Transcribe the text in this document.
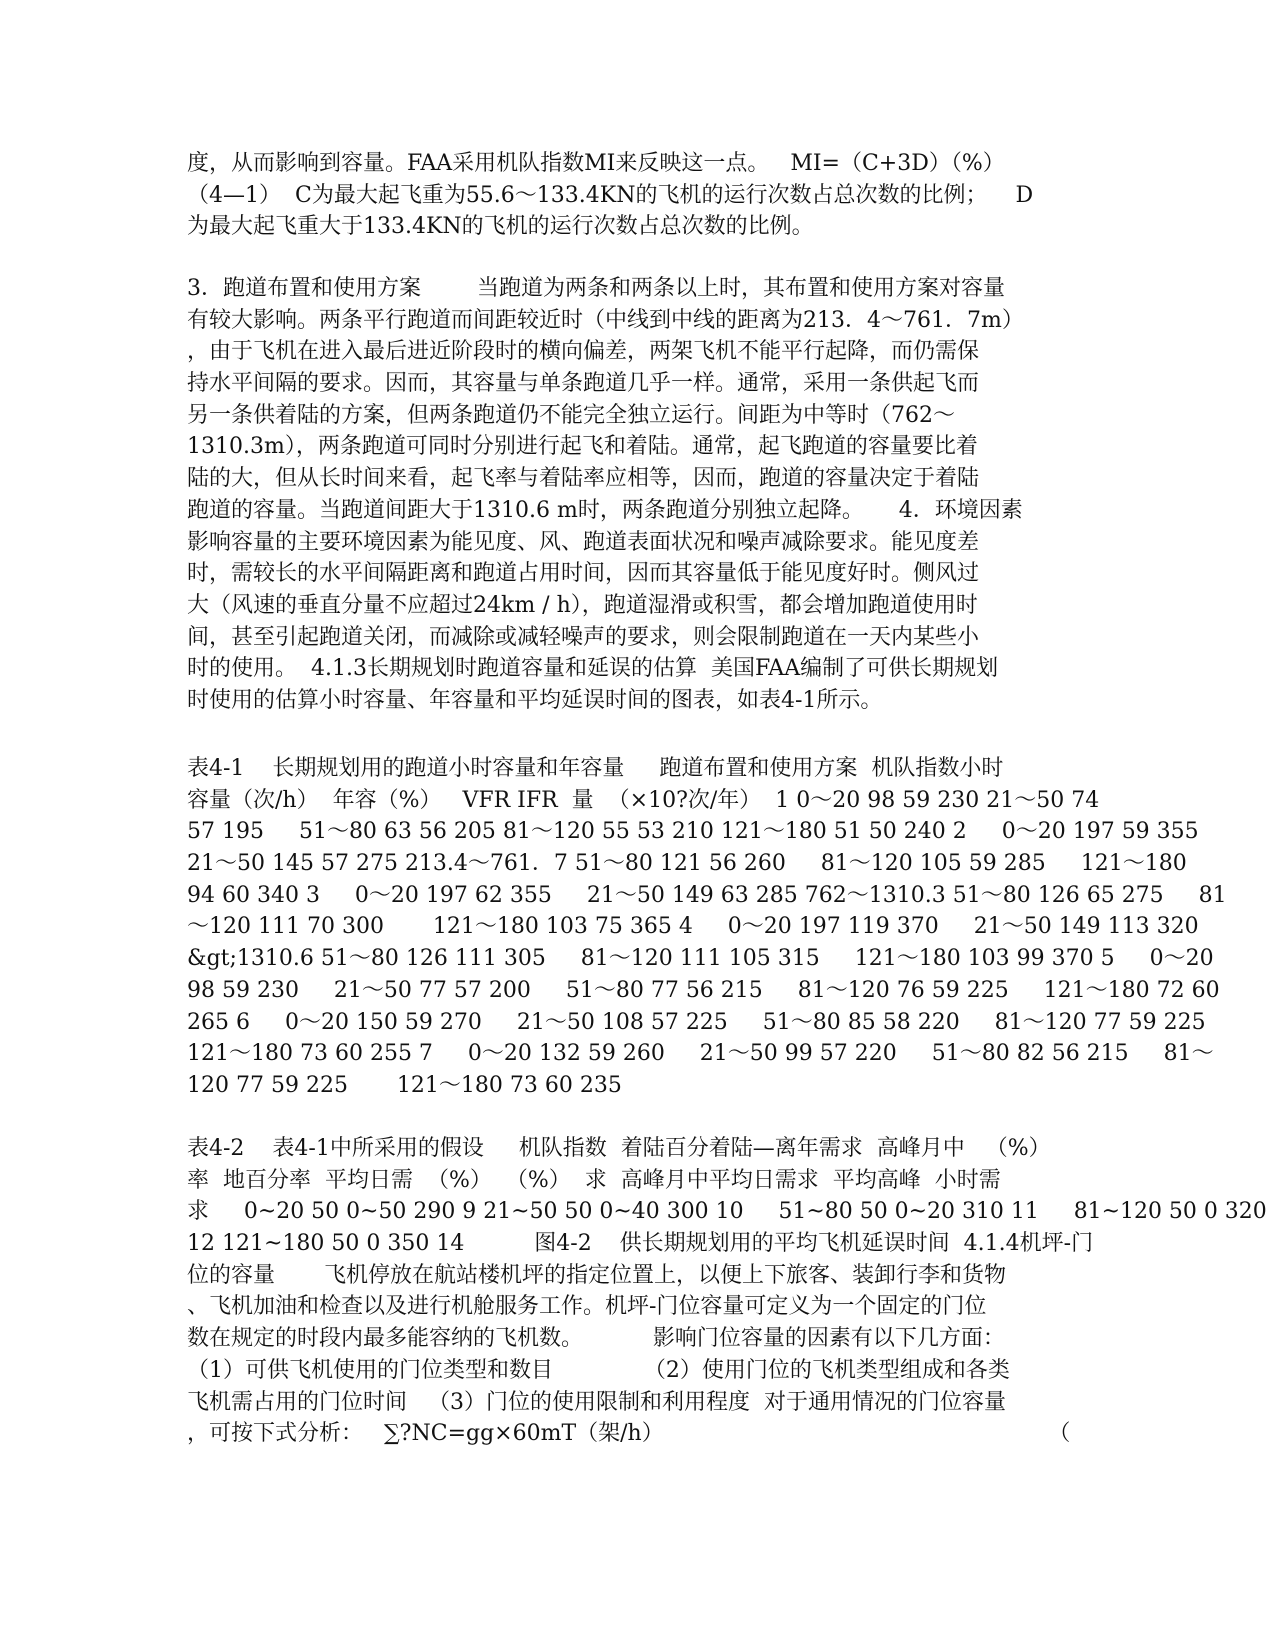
度，从而影响到容量。FAA采用机队指数MI来反映这一点。   MI=（C+3D）（%）
（4—1）  C为最大起飞重为55.6～133.4KN的飞机的运行次数占总次数的比例；    D
为最大起飞重大于133.4KN的飞机的运行次数占总次数的比例。
3．跑道布置和使用方案        当跑道为两条和两条以上时，其布置和使用方案对容量
有较大影响。两条平行跑道而间距较近时（中线到中线的距离为213．4～761．7m）
，由于飞机在进入最后进近阶段时的横向偏差，两架飞机不能平行起降，而仍需保
持水平间隔的要求。因而，其容量与单条跑道几乎一样。通常，采用一条供起飞而
另一条供着陆的方案，但两条跑道仍不能完全独立运行。间距为中等时（762～
1310.3m），两条跑道可同时分别进行起飞和着陆。通常，起飞跑道的容量要比着
陆的大，但从长时间来看，起飞率与着陆率应相等，因而，跑道的容量决定于着陆
跑道的容量。当跑道间距大于1310.6 m时，两条跑道分别独立起降。     4．环境因素
影响容量的主要环境因素为能见度、风、跑道表面状况和噪声减除要求。能见度差
时，需较长的水平间隔距离和跑道占用时间，因而其容量低于能见度好时。侧风过
大（风速的垂直分量不应超过24km / h），跑道湿滑或积雪，都会增加跑道使用时
间，甚至引起跑道关闭，而减除或减轻噪声的要求，则会限制跑道在一天内某些小
时的使用。  4.1.3长期规划时跑道容量和延误的估算  美国FAA编制了可供长期规划
时使用的估算小时容量、年容量和平均延误时间的图表，如表4-1所示。
表4-1    长期规划用的跑道小时容量和年容量     跑道布置和使用方案  机队指数小时
容量（次/h）  年容（%）   VFR IFR  量  （×10?次/年）  1 0～20 98 59 230 21～50 74
57 195     51～80 63 56 205 81～120 55 53 210 121～180 51 50 240 2     0～20 197 59 355
21～50 145 57 275 213.4～761．7 51～80 121 56 260     81～120 105 59 285     121～180
94 60 340 3     0～20 197 62 355     21～50 149 63 285 762～1310.3 51～80 126 65 275     81
～120 111 70 300       121～180 103 75 365 4     0～20 197 119 370     21～50 149 113 320
&gt;1310.6 51～80 126 111 305     81～120 111 105 315     121～180 103 99 370 5     0～20
98 59 230     21～50 77 57 200     51～80 77 56 215     81～120 76 59 225     121～180 72 60
265 6     0～20 150 59 270     21～50 108 57 225     51～80 85 58 220     81～120 77 59 225
121～180 73 60 255 7     0～20 132 59 260     21～50 99 57 220     51～80 82 56 215     81～
120 77 59 225       121～180 73 60 235
表4-2    表4-1中所采用的假设     机队指数  着陆百分着陆—离年需求  高峰月中   （%）
率  地百分率  平均日需  （%）  （%）  求  高峰月中平均日需求  平均高峰  小时需
求     0~20 50 0~50 290 9 21~50 50 0~40 300 10     51~80 50 0~20 310 11     81~120 50 0 320
12 121~180 50 0 350 14          图4-2    供长期规划用的平均飞机延误时间  4.1.4机坪-门
位的容量       飞机停放在航站楼机坪的指定位置上，以便上下旅客、装卸行李和货物
、飞机加油和检查以及进行机舱服务工作。机坪-门位容量可定义为一个固定的门位
数在规定的时段内最多能容纳的飞机数。          影响门位容量的因素有以下几方面：
（1）可供飞机使用的门位类型和数目             （2）使用门位的飞机类型组成和各类
飞机需占用的门位时间   （3）门位的使用限制和利用程度  对于通用情况的门位容量
，可按下式分析：   ∑?NC=gg×60mT（架/h）                                                       （
